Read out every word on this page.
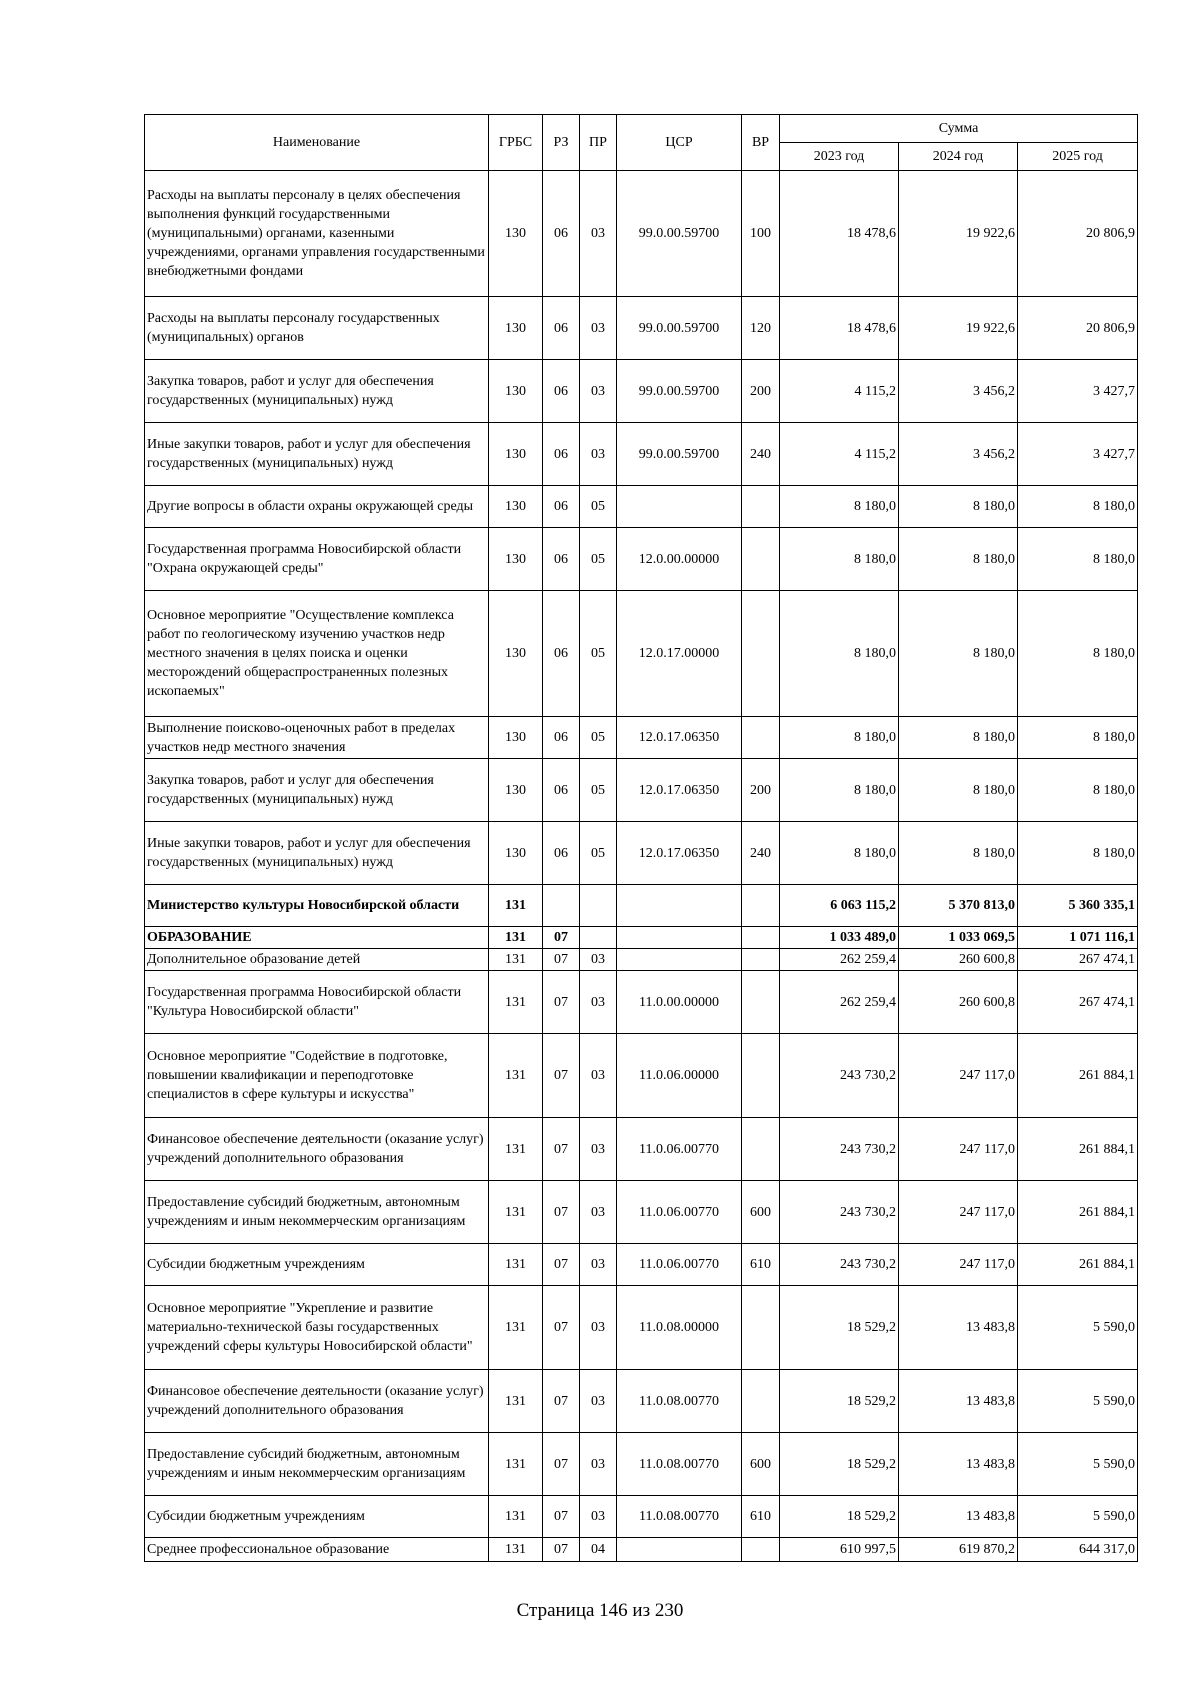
Наименование	ГРБС	РЗ	ПР	ЦСР	ВР	Сумма		
						2023 год	2024 год	2025 год
Расходы на выплаты персоналу в целях обеспечения выполнения функций государственными (муниципальными) органами, казенными учреждениями, органами управления государственными внебюджетными фондами	130	06	03	99.0.00.59700	100	18 478,6	19 922,6	20 806,9
Расходы на выплаты персоналу государственных (муниципальных) органов	130	06	03	99.0.00.59700	120	18 478,6	19 922,6	20 806,9
Закупка товаров, работ и услуг для обеспечения государственных (муниципальных) нужд	130	06	03	99.0.00.59700	200	4 115,2	3 456,2	3 427,7
Иные закупки товаров, работ и услуг для обеспечения государственных (муниципальных) нужд	130	06	03	99.0.00.59700	240	4 115,2	3 456,2	3 427,7
Другие вопросы в области охраны окружающей среды	130	06	05			8 180,0	8 180,0	8 180,0
Государственная программа Новосибирской области "Охрана окружающей среды"	130	06	05	12.0.00.00000		8 180,0	8 180,0	8 180,0
Основное мероприятие "Осуществление комплекса работ по геологическому изучению участков недр местного значения в целях поиска и оценки месторождений общераспространенных полезных ископаемых"	130	06	05	12.0.17.00000		8 180,0	8 180,0	8 180,0
Выполнение поисково-оценочных работ в пределах участков недр местного значения	130	06	05	12.0.17.06350		8 180,0	8 180,0	8 180,0
Закупка товаров, работ и услуг для обеспечения государственных (муниципальных) нужд	130	06	05	12.0.17.06350	200	8 180,0	8 180,0	8 180,0
Иные закупки товаров, работ и услуг для обеспечения государственных (муниципальных) нужд	130	06	05	12.0.17.06350	240	8 180,0	8 180,0	8 180,0
Министерство культуры Новосибирской области	131					6 063 115,2	5 370 813,0	5 360 335,1
ОБРАЗОВАНИЕ	131	07				1 033 489,0	1 033 069,5	1 071 116,1
Дополнительное образование детей	131	07	03			262 259,4	260 600,8	267 474,1
Государственная программа Новосибирской области "Культура Новосибирской области"	131	07	03	11.0.00.00000		262 259,4	260 600,8	267 474,1
Основное мероприятие "Содействие в подготовке, повышении квалификации и переподготовке специалистов в сфере культуры и искусства"	131	07	03	11.0.06.00000		243 730,2	247 117,0	261 884,1
Финансовое обеспечение деятельности (оказание услуг) учреждений дополнительного образования	131	07	03	11.0.06.00770		243 730,2	247 117,0	261 884,1
Предоставление субсидий бюджетным, автономным учреждениям и иным некоммерческим организациям	131	07	03	11.0.06.00770	600	243 730,2	247 117,0	261 884,1
Субсидии бюджетным учреждениям	131	07	03	11.0.06.00770	610	243 730,2	247 117,0	261 884,1
Основное мероприятие "Укрепление и развитие материально-технической базы государственных учреждений сферы культуры Новосибирской области"	131	07	03	11.0.08.00000		18 529,2	13 483,8	5 590,0
Финансовое обеспечение деятельности (оказание услуг) учреждений дополнительного образования	131	07	03	11.0.08.00770		18 529,2	13 483,8	5 590,0
Предоставление субсидий бюджетным, автономным учреждениям и иным некоммерческим организациям	131	07	03	11.0.08.00770	600	18 529,2	13 483,8	5 590,0
Субсидии бюджетным учреждениям	131	07	03	11.0.08.00770	610	18 529,2	13 483,8	5 590,0
Среднее профессиональное образование	131	07	04			610 997,5	619 870,2	644 317,0
Страница 146 из 230
